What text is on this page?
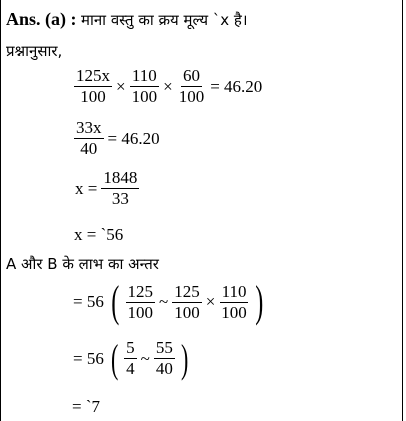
Ans. (a) : माना वस्तु का क्रय मूल्य `x है।
प्रश्नानुसार,
$\frac{125x}{100} \times \frac{110}{100} \times \frac{60}{100} = 46.20$
$\frac{33x}{40} = 46.20$
$x = \frac{1848}{33}$
x = `56
A और B के लाभ का अन्तर
= 56 ( $\frac{125}{100}$ ~ $\frac{125}{100} \times \frac{110}{100}$ )
= 56 ( $\frac{5}{4}$ ~ $\frac{55}{40}$ )
= `7
